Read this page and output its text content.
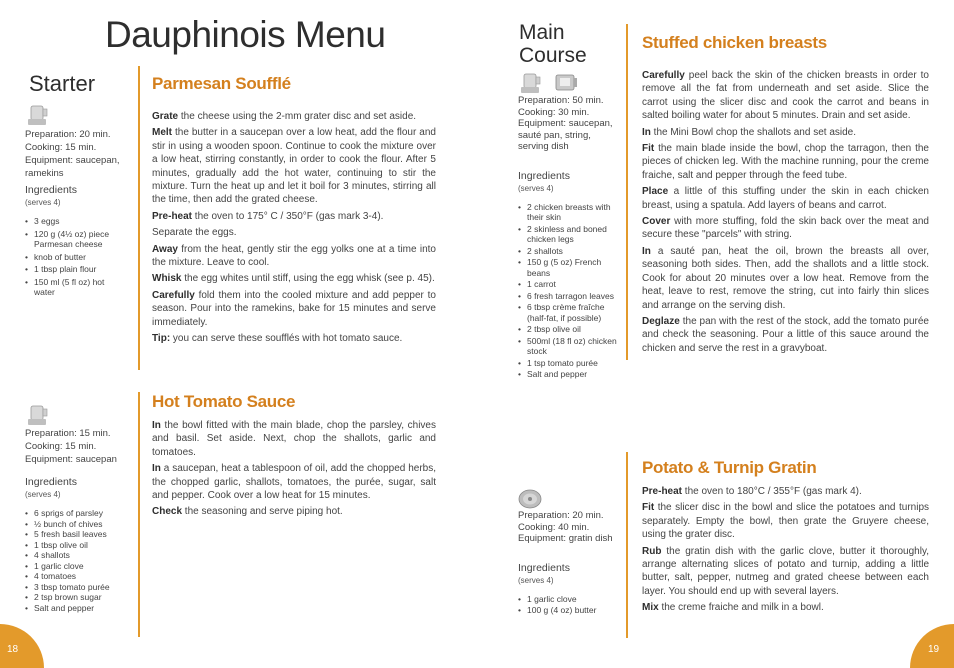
Dauphinois Menu
Starter
Main Course
Preparation: 20 min.
Cooking: 15 min.
Equipment: saucepan, ramekins
Ingredients
(serves 4)
• 3 eggs
• 120 g (4½ oz) piece Parmesan cheese
• knob of butter
• 1 tbsp plain flour
• 150 ml (5 fl oz) hot water
Parmesan Soufflé

Grate the cheese using the 2-mm grater disc and set aside.

Melt the butter in a saucepan over a low heat, add the flour and stir in using a wooden spoon. Continue to cook the mixture over a low heat, stirring constantly, in order to cook the flour. After 5 minutes, gradually add the hot water, continuing to stir the mixture. Turn the heat up and let it boil for 3 minutes, stirring all the time, then add the grated cheese.

Pre-heat the oven to 175° C / 350°F (gas mark 3-4).

Separate the eggs.

Away from the heat, gently stir the egg yolks one at a time into the mixture. Leave to cool.

Whisk the egg whites until stiff, using the egg whisk (see p. 45).

Carefully fold them into the cooled mixture and add pepper to season. Pour into the ramekins, bake for 15 minutes and serve immediately.

Tip: you can serve these soufflés with hot tomato sauce.

Preparation: 15 min.
Cooking: 15 min.
Equipment: saucepan
Ingredients
(serves 4)
• 6 sprigs of parsley
• ½ bunch of chives
• 5 fresh basil leaves
• 1 tbsp olive oil
• 4 shallots
• 1 garlic clove
• 4 tomatoes
• 3 tbsp tomato purée
• 2 tsp brown sugar
• Salt and pepper
Hot Tomato Sauce

In the bowl fitted with the main blade, chop the parsley, chives and basil. Set aside. Next, chop the shallots, garlic and tomatoes.

In a saucepan, heat a tablespoon of oil, add the chopped herbs, the chopped garlic, shallots, tomatoes, the purée, sugar, salt and pepper. Cook over a low heat for 15 minutes.

Check the seasoning and serve piping hot.

Preparation: 50 min.
Cooking: 30 min.
Equipment: saucepan, sauté pan, string, serving dish
Ingredients
(serves 4)
• 2 chicken breasts with their skin
• 2 skinless and boned chicken legs
• 2 shallots
• 150 g (5 oz) French beans
• 1 carrot
• 6 fresh tarragon leaves
• 6 tbsp crème fraîche (half-fat, if possible)
• 2 tbsp olive oil
• 500ml (18 fl oz) chicken stock
• 1 tsp tomato purée
• Salt and pepper
Stuffed chicken breasts

Carefully peel back the skin of the chicken breasts in order to remove all the fat from underneath and set aside. Slice the carrot using the slicer disc and cook the carrot and beans in salted boiling water for about 5 minutes. Drain and set aside.

In the Mini Bowl chop the shallots and set aside.

Fit the main blade inside the bowl, chop the tarragon, then the pieces of chicken leg. With the machine running, pour the creme fraiche, salt and pepper through the feed tube.

Place a little of this stuffing under the skin in each chicken breast, using a spatula. Add layers of beans and carrot.

Cover with more stuffing, fold the skin back over the meat and secure these "parcels" with string.

In a sauté pan, heat the oil, brown the breasts all over, seasoning both sides. Then, add the shallots and a little stock. Cook for about 20 minutes over a low heat. Remove from the heat, leave to rest, remove the string, cut into fairly thin slices and arrange on the serving dish.

Deglaze the pan with the rest of the stock, add the tomato purée and check the seasoning. Pour a little of this sauce around the chicken and serve the rest in a gravyboat.

Preparation: 20 min.
Cooking: 40 min.
Equipment: gratin dish
Ingredients
(serves 4)
• 1 garlic clove
• 100 g (4 oz) butter
Potato & Turnip Gratin

Pre-heat the oven to 180°C / 355°F (gas mark 4).

Fit the slicer disc in the bowl and slice the potatoes and turnips separately. Empty the bowl, then grate the Gruyere cheese, using the grater disc.

Rub the gratin dish with the garlic clove, butter it thoroughly, arrange alternating slices of potato and turnip, adding a little butter, salt, pepper, nutmeg and grated cheese between each layer. You should end up with several layers.

Mix the creme fraiche and milk in a bowl.

18	19
